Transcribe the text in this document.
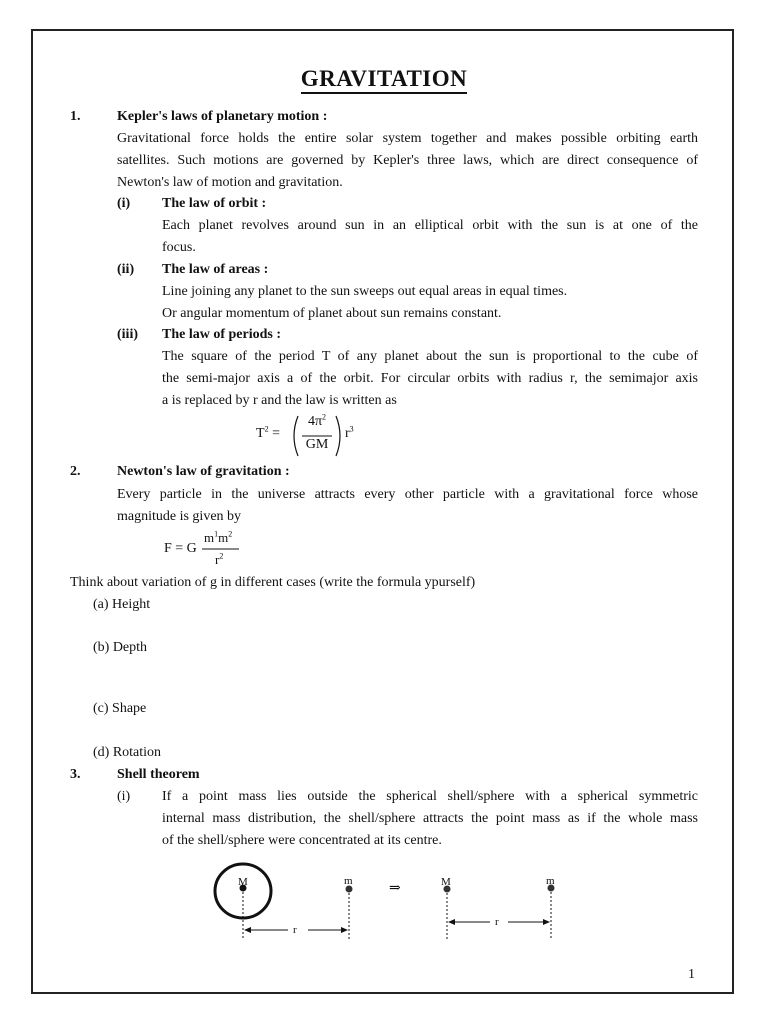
GRAVITATION
1.	Kepler's laws of planetary motion :
Gravitational force holds the entire solar system together and makes possible orbiting earth
satellites. Such motions are governed by Kepler's three laws, which are direct consequence of
Newton's law of motion and gravitation.
(i) The law of orbit :
Each planet revolves around sun in an elliptical orbit with the sun is at one of the
focus.
(ii) The law of areas :
Line joining any planet to the sun sweeps out equal areas in equal times.
Or angular momentum of planet about sun remains constant.
(iii) The law of periods :
The square of the period T of any planet about the sun is proportional to the cube of
the semi-major axis a of the orbit. For circular orbits with radius r, the semimajor axis
a is replaced by r and the law is written as
$T^2$ =
$4\pi^2$
GM
$r^3$
2.	Newton's law of gravitation :
Every particle in the universe attracts every other particle with a gravitational force whose
magnitude is given by
F = G
$m^1m^2$
$r^2$
Think about variation of g in different cases (write the formula ypurself)
(a) Height
(b) Depth
(c) Shape
(d) Rotation
3.	Shell theorem
(i) If a point mass lies outside the spherical shell/sphere with a spherical symmetric
internal mass distribution, the shell/sphere attracts the point mass as if the whole mass
of the shell/sphere were concentrated at its centre.
M	m
r
⇒	M	m
r
1
